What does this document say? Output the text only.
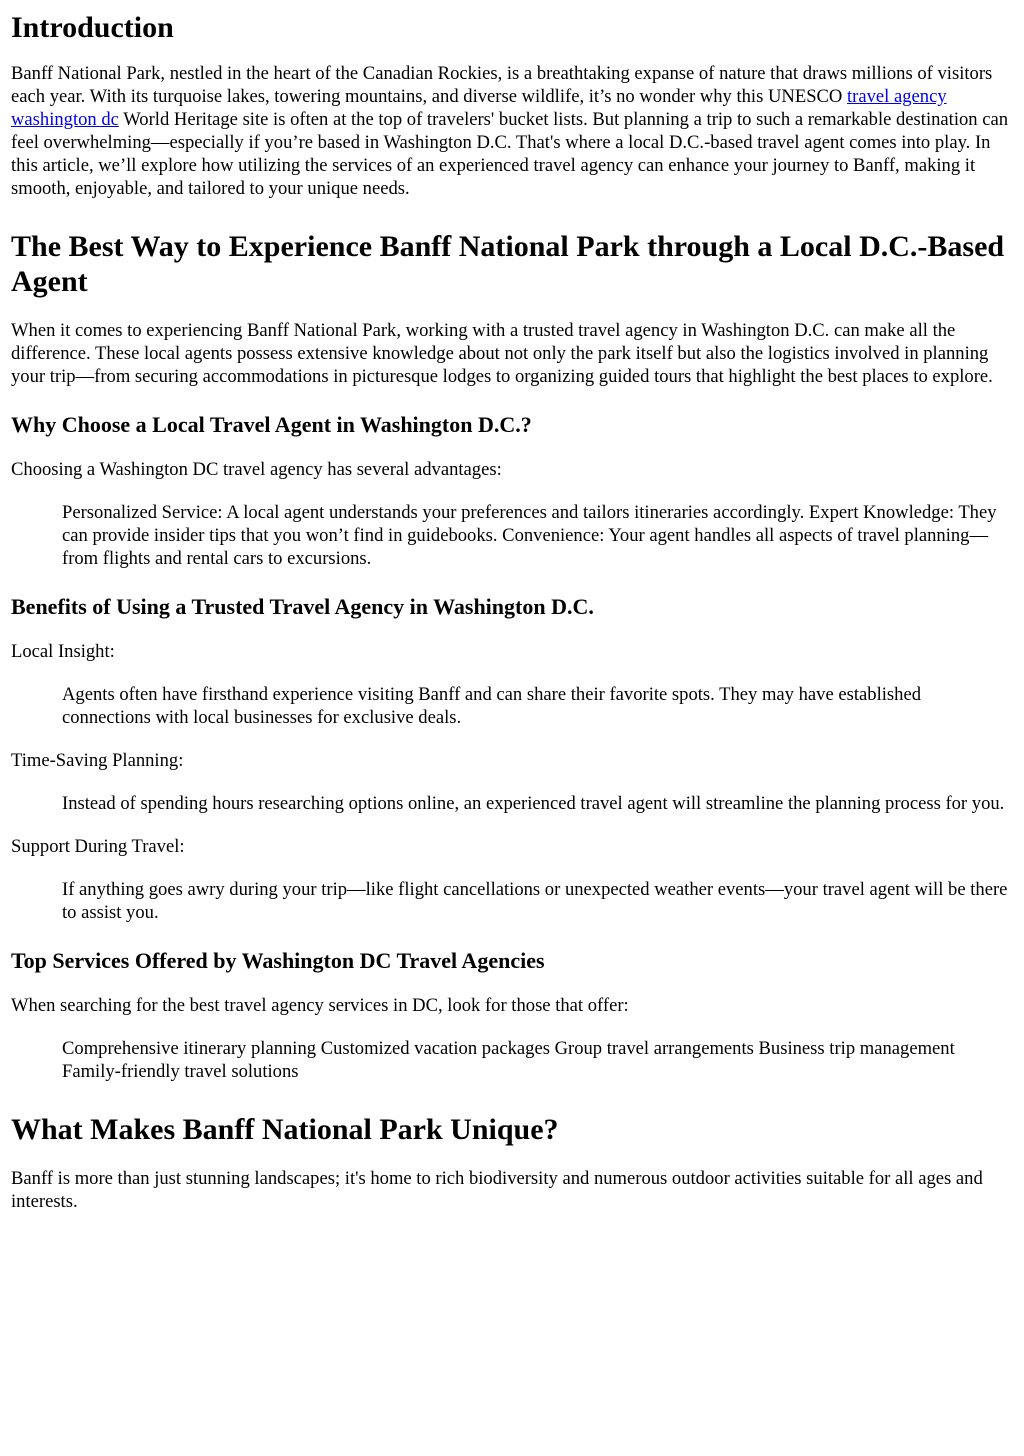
Introduction

Banff National Park, nestled in the heart of the Canadian Rockies, is a breathtaking expanse of nature that draws millions of visitors each year. With its turquoise lakes, towering mountains, and diverse wildlife, it’s no wonder why this UNESCO travel agency washington dc World Heritage site is often at the top of travelers' bucket lists. But planning a trip to such a remarkable destination can feel overwhelming—especially if you’re based in Washington D.C. That's where a local D.C.-based travel agent comes into play. In this article, we’ll explore how utilizing the services of an experienced travel agency can enhance your journey to Banff, making it smooth, enjoyable, and tailored to your unique needs.

The Best Way to Experience Banff National Park through a Local D.C.-Based Agent

When it comes to experiencing Banff National Park, working with a trusted travel agency in Washington D.C. can make all the difference. These local agents possess extensive knowledge about not only the park itself but also the logistics involved in planning your trip—from securing accommodations in picturesque lodges to organizing guided tours that highlight the best places to explore.

Why Choose a Local Travel Agent in Washington D.C.?

Choosing a Washington DC travel agency has several advantages:

Personalized Service: A local agent understands your preferences and tailors itineraries accordingly. Expert Knowledge: They can provide insider tips that you won’t find in guidebooks. Convenience: Your agent handles all aspects of travel planning—from flights and rental cars to excursions.
Benefits of Using a Trusted Travel Agency in Washington D.C.

Local Insight:

Agents often have firsthand experience visiting Banff and can share their favorite spots. They may have established connections with local businesses for exclusive deals.

Time-Saving Planning:

Instead of spending hours researching options online, an experienced travel agent will streamline the planning process for you.

Support During Travel:

If anything goes awry during your trip—like flight cancellations or unexpected weather events—your travel agent will be there to assist you.
Top Services Offered by Washington DC Travel Agencies

When searching for the best travel agency services in DC, look for those that offer:

Comprehensive itinerary planning Customized vacation packages Group travel arrangements Business trip management Family-friendly travel solutions
What Makes Banff National Park Unique?

Banff is more than just stunning landscapes; it's home to rich biodiversity and numerous outdoor activities suitable for all ages and interests.
